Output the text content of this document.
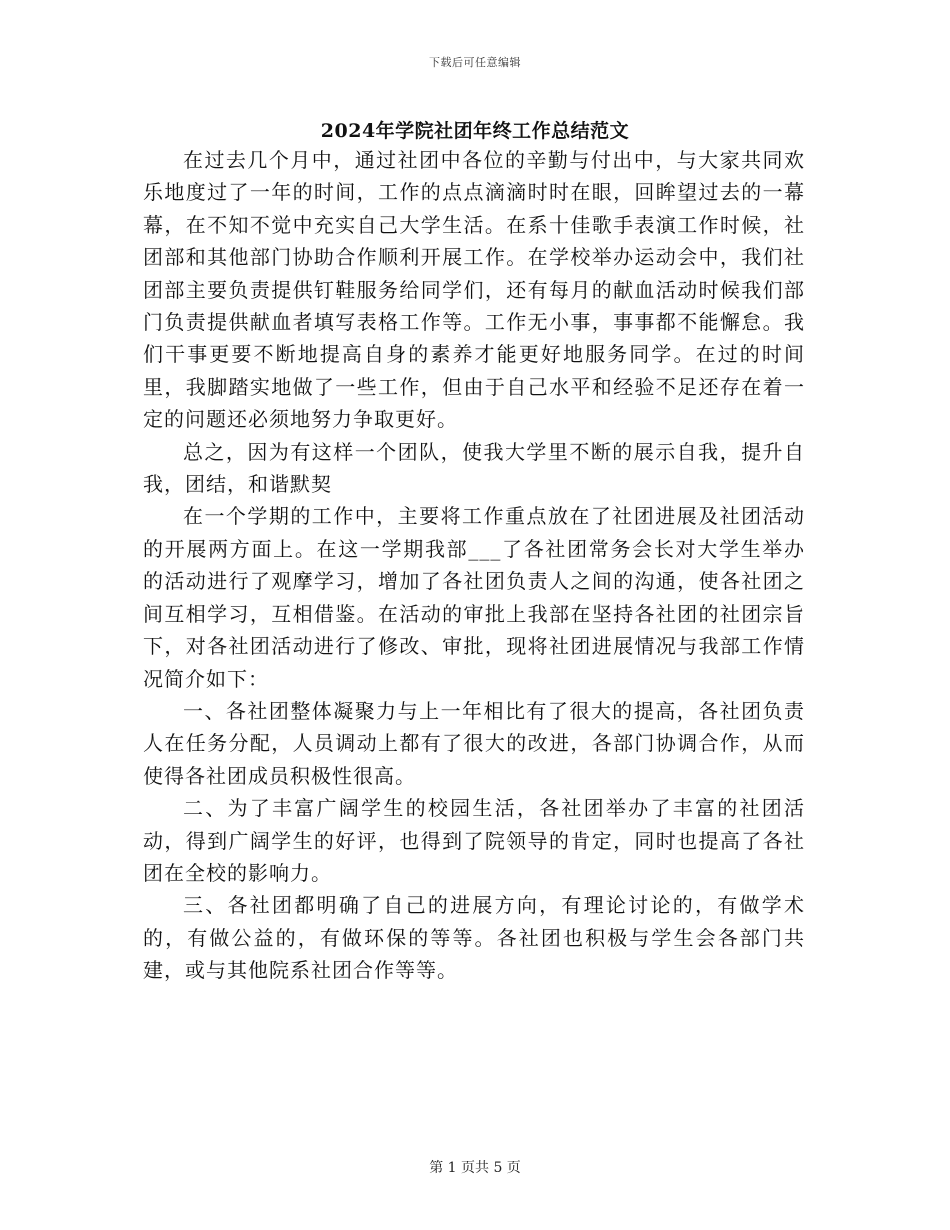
下载后可任意编辑
2024年学院社团年终工作总结范文

在过去几个月中，通过社团中各位的辛勤与付出中，与大家共同欢乐地度过了一年的时间，工作的点点滴滴时时在眼，回眸望过去的一幕幕，在不知不觉中充实自己大学生活。在系十佳歌手表演工作时候，社团部和其他部门协助合作顺利开展工作。在学校举办运动会中，我们社团部主要负责提供钉鞋服务给同学们，还有每月的献血活动时候我们部门负责提供献血者填写表格工作等。工作无小事，事事都不能懈怠。我们干事更要不断地提高自身的素养才能更好地服务同学。在过的时间里，我脚踏实地做了一些工作，但由于自己水平和经验不足还存在着一定的问题还必须地努力争取更好。

总之，因为有这样一个团队，使我大学里不断的展示自我，提升自我，团结，和谐默契

在一个学期的工作中，主要将工作重点放在了社团进展及社团活动的开展两方面上。在这一学期我部___了各社团常务会长对大学生举办的活动进行了观摩学习，增加了各社团负责人之间的沟通，使各社团之间互相学习，互相借鉴。在活动的审批上我部在坚持各社团的社团宗旨下，对各社团活动进行了修改、审批，现将社团进展情况与我部工作情况简介如下：

一、各社团整体凝聚力与上一年相比有了很大的提高，各社团负责人在任务分配，人员调动上都有了很大的改进，各部门协调合作，从而使得各社团成员积极性很高。

二、为了丰富广阔学生的校园生活，各社团举办了丰富的社团活动，得到广阔学生的好评，也得到了院领导的肯定，同时也提高了各社团在全校的影响力。

三、各社团都明确了自己的进展方向，有理论讨论的，有做学术的，有做公益的，有做环保的等等。各社团也积极与学生会各部门共建，或与其他院系社团合作等等。

第 1 页共 5 页
